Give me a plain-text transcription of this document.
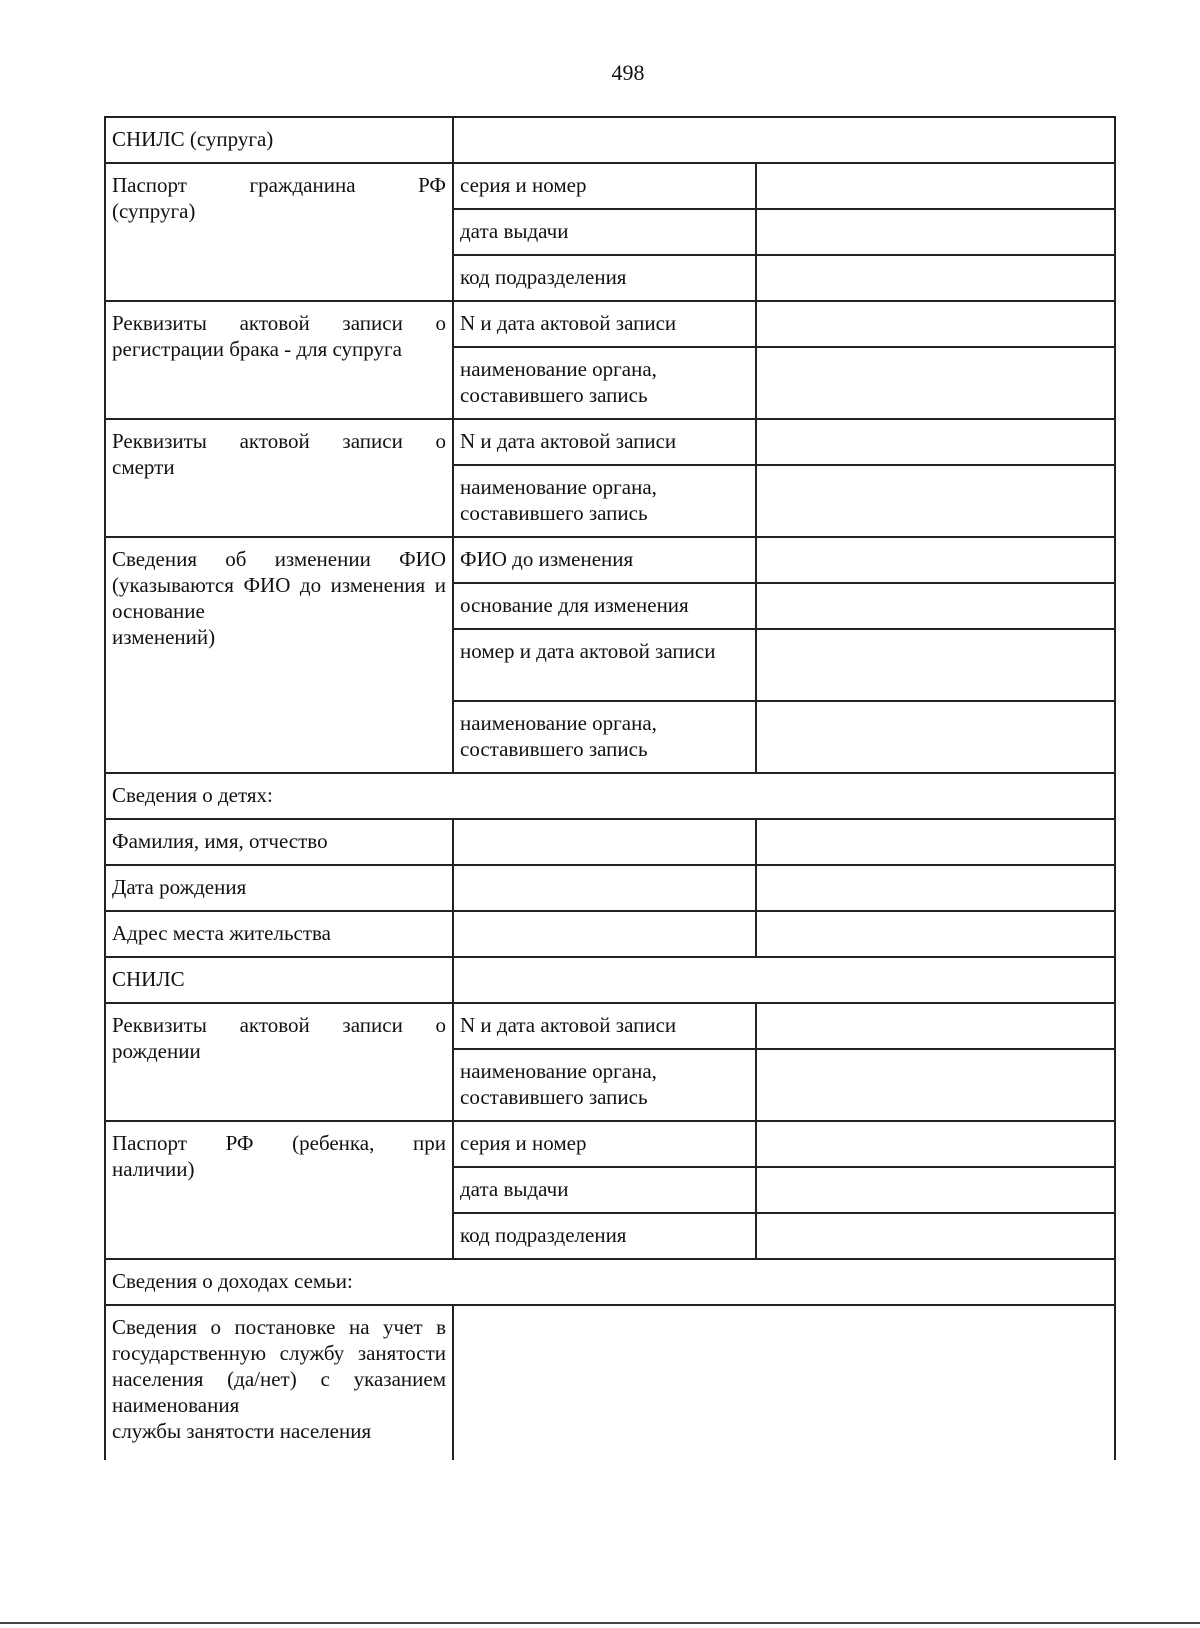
498
СНИЛС (супруга)		

Паспорт гражданина РФ
(супруга)	серия и номер	
	дата выдачи	
	код подразделения	

Реквизиты актовой записи о
регистрации брака - для супруга	N и дата актовой записи	
	наименование органа, составившего запись	

Реквизиты актовой записи о
смерти	N и дата актовой записи	
	наименование органа, составившего запись	

Сведения об изменении ФИО (указываются ФИО до изменения и основание
изменений)	ФИО до изменения	
	основание для изменения	
	номер и дата актовой записи	
	наименование органа, составившего запись	
Сведения о детях:		
Фамилия, имя, отчество		
Дата рождения		
Адрес места жительства		
СНИЛС		

Реквизиты актовой записи о
рождении	N и дата актовой записи	
	наименование органа, составившего запись	

Паспорт РФ (ребенка, при
наличии)	серия и номер	
	дата выдачи	
	код подразделения	
Сведения о доходах семьи:		

Сведения о постановке на учет в государственную службу занятости населения (да/нет) с указанием наименования
службы занятости населения		
